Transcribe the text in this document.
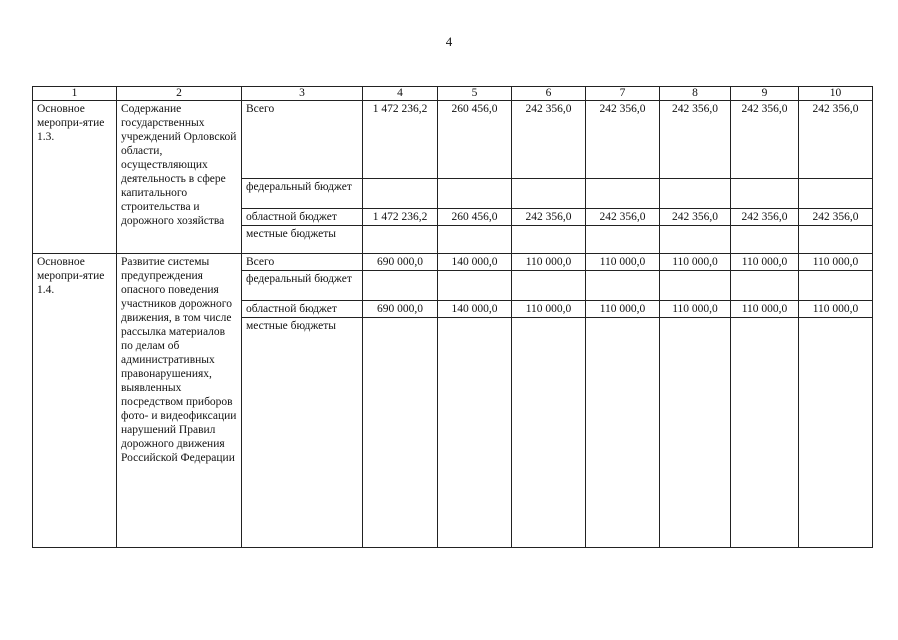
4
1	2	3	4	5	6	7	8	9	10
Основное меропри-ятие 1.3.	Содержание государственных учреждений Орловской области, осуществляющих деятельность в сфере капитального строительства и дорожного хозяйства	Всего	1 472 236,2	260 456,0	242 356,0	242 356,0	242 356,0	242 356,0	242 356,0
		федеральный бюджет							
		областной бюджет	1 472 236,2	260 456,0	242 356,0	242 356,0	242 356,0	242 356,0	242 356,0
		местные бюджеты							
Основное меропри-ятие 1.4.	Развитие системы предупреждения опасного поведения участников дорожного движения, в том числе рассылка материалов по делам об административных правонарушениях, выявленных посредством приборов фото- и видеофиксации нарушений Правил дорожного движения Российской Федерации	Всего	690 000,0	140 000,0	110 000,0	110 000,0	110 000,0	110 000,0	110 000,0
		федеральный бюджет							
		областной бюджет	690 000,0	140 000,0	110 000,0	110 000,0	110 000,0	110 000,0	110 000,0
		местные бюджеты							
